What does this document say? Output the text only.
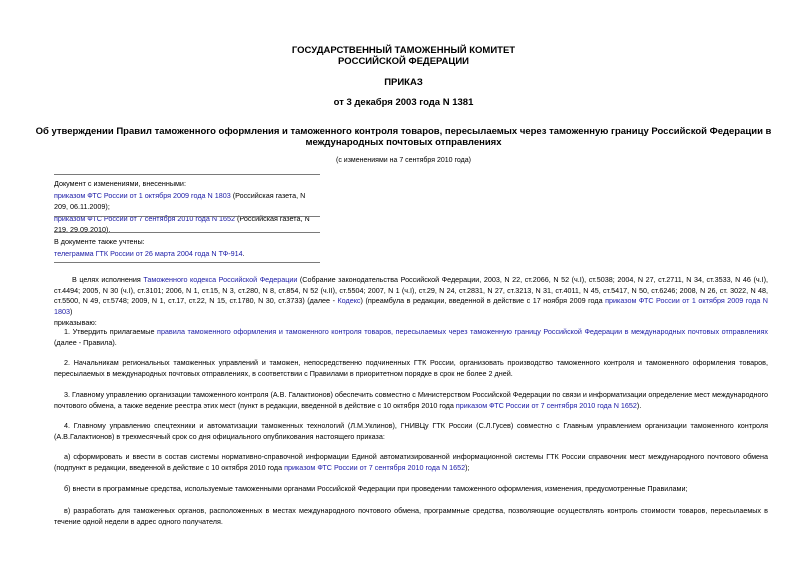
ГОСУДАРСТВЕННЫЙ ТАМОЖЕННЫЙ КОМИТЕТ
РОССИЙСКОЙ ФЕДЕРАЦИИ
ПРИКАЗ
от 3 декабря 2003 года N 1381
Об утверждении Правил таможенного оформления и таможенного контроля товаров, пересылаемых через таможенную границу Российской Федерации в
международных почтовых отправлениях
(с изменениями на 7 сентября 2010 года)
Документ с изменениями, внесенными:
приказом ФТС России от 1 октября 2009 года N 1803 (Российская газета, N 209, 06.11.2009);
приказом ФТС России от 7 сентября 2010 года N 1652 (Российская газета, N 219, 29.09.2010).
В документе также учтены:
телеграмма ГТК России от 26 марта 2004 года N ТФ-914.
В целях исполнения Таможенного кодекса Российской Федерации (Собрание законодательства Российской Федерации, 2003, N 22, ст.2066, N 52 (ч.I), ст.5038; 2004, N 27, ст.2711, N 34, ст.3533, N 46 (ч.I), ст.4494; 2005, N 30 (ч.I), ст.3101; 2006, N 1, ст.15, N 3, ст.280, N 8, ст.854, N 52 (ч.II), ст.5504; 2007, N 1 (ч.I), ст.29, N 24, ст.2831, N 27, ст.3213, N 31, ст.4011, N 45, ст.5417, N 50, ст.6246; 2008, N 26, ст. 3022, N 48, ст.5500, N 49, ст.5748; 2009, N 1, ст.17, ст.22, N 15, ст.1780, N 30, ст.3733) (далее - Кодекс) (преамбула в редакции, введенной в действие с 17 ноября 2009 года приказом ФТС России от 1 октября 2009 года N 1803)
приказываю:
1. Утвердить прилагаемые правила таможенного оформления и таможенного контроля товаров, пересылаемых через таможенную границу Российской Федерации в международных почтовых отправлениях (далее - Правила).
2. Начальникам региональных таможенных управлений и таможен, непосредственно подчиненных ГТК России, организовать производство таможенного контроля и таможенного оформления товаров, пересылаемых в международных почтовых отправлениях, в соответствии с Правилами в приоритетном порядке в срок не более 2 дней.
3. Главному управлению организации таможенного контроля (А.В. Галактионов) обеспечить совместно с Министерством Российской Федерации по связи и информатизации определение мест международного почтового обмена, а также ведение реестра этих мест (пункт в редакции, введенной в действие с 10 октября 2010 года приказом ФТС России от 7 сентября 2010 года N 1652).
4. Главному управлению спецтехники и автоматизации таможенных технологий (Л.М.Уклинов), ГНИВЦу ГТК России (С.Л.Гусев) совместно с Главным управлением организации таможенного контроля (А.В.Галактионов) в трехмесячный срок со дня официального опубликования настоящего приказа:
а) сформировать и ввести в состав системы нормативно-справочной информации Единой автоматизированной информационной системы ГТК России справочник мест международного почтового обмена (подпункт в редакции, введенной в действие с 10 октября 2010 года приказом ФТС России от 7 сентября 2010 года N 1652);
б) внести в программные средства, используемые таможенными органами Российской Федерации при проведении таможенного оформления, изменения, предусмотренные Правилами;
в) разработать для таможенных органов, расположенных в местах международного почтового обмена, программные средства, позволяющие осуществлять контроль стоимости товаров, пересылаемых в течение одной недели в адрес одного получателя.
